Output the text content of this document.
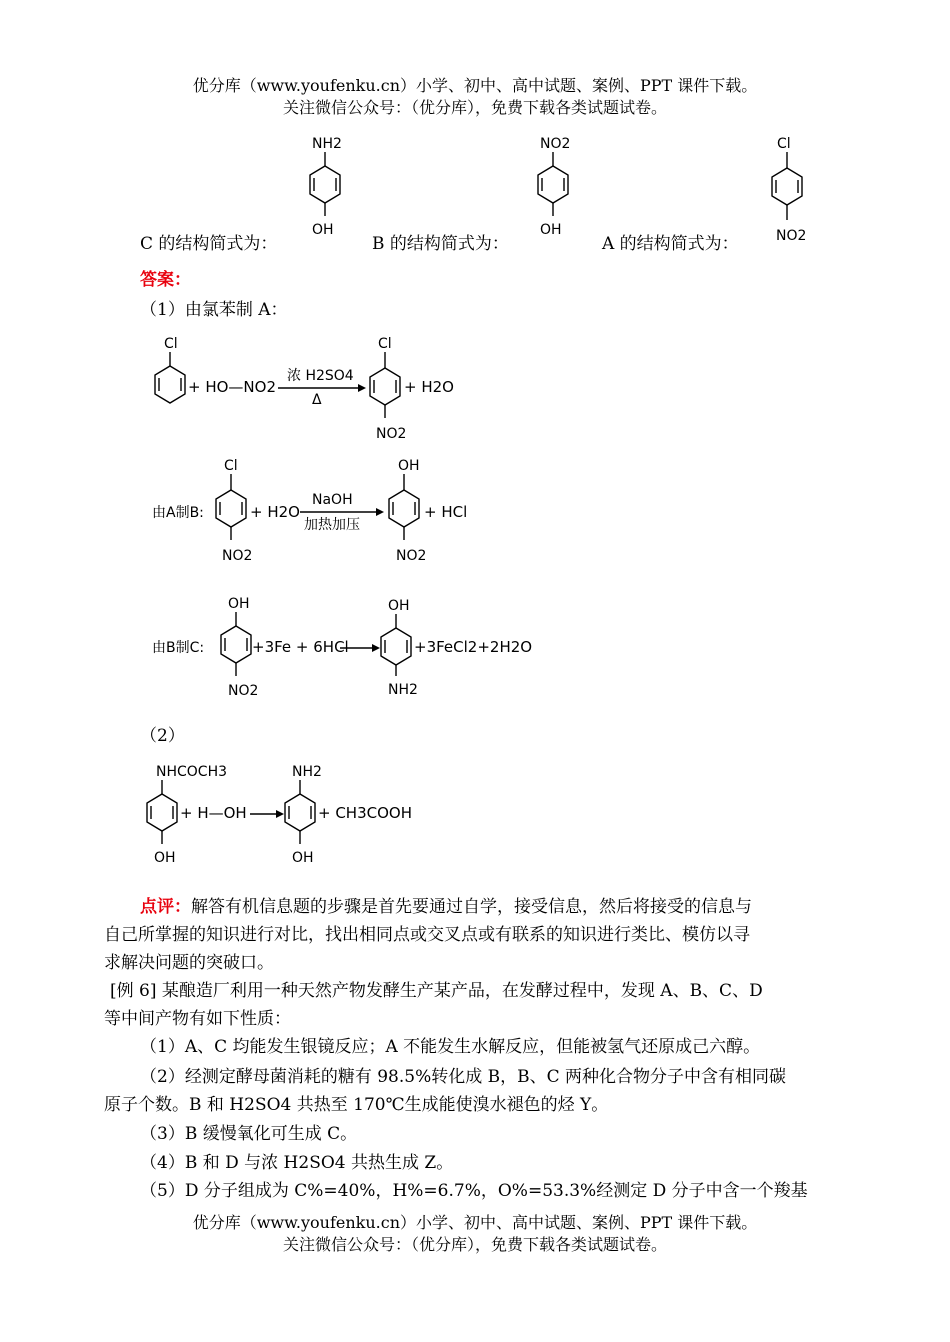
优分库（www.youfenku.cn）小学、初中、高中试题、案例、PPT 课件下载。
关注微信公众号：（优分库），免费下载各类试题试卷。
NH2
OH
NO2
OH
Cl
NO2
C 的结构简式为：	B 的结构简式为：	A 的结构简式为：
答案：
（1）由氯苯制 A：
Cl
+ HO—NO2
浓 H2SO4
Δ
Cl
NO2
+ H2O
由A制B:
Cl
NO2
+ H2O
NaOH
加热加压
OH
NO2
+ HCl
由B制C:
OH
NO2
+3Fe + 6HCl
OH
NH2
+3FeCl2+2H2O
（2）
NHCOCH3
OH
+ H—OH
NH2
OH
+ CH3COOH
点评：解答有机信息题的步骤是首先要通过自学，接受信息，然后将接受的信息与
自己所掌握的知识进行对比，找出相同点或交叉点或有联系的知识进行类比、模仿以寻
求解决问题的突破口。
[例 6] 某酿造厂利用一种天然产物发酵生产某产品，在发酵过程中，发现 A、B、C、D
等中间产物有如下性质：
（1）A、C 均能发生银镜反应；A 不能发生水解反应，但能被氢气还原成己六醇。
（2）经测定酵母菌消耗的糖有 98.5%转化成 B，B、C 两种化合物分子中含有相同碳
原子个数。B 和 H2SO4 共热至 170℃生成能使溴水褪色的烃 Y。
（3）B 缓慢氧化可生成 C。
（4）B 和 D 与浓 H2SO4 共热生成 Z。
（5）D 分子组成为 C%=40%，H%=6.7%，O%=53.3%经测定 D 分子中含一个羧基
优分库（www.youfenku.cn）小学、初中、高中试题、案例、PPT 课件下载。
关注微信公众号：（优分库），免费下载各类试题试卷。
